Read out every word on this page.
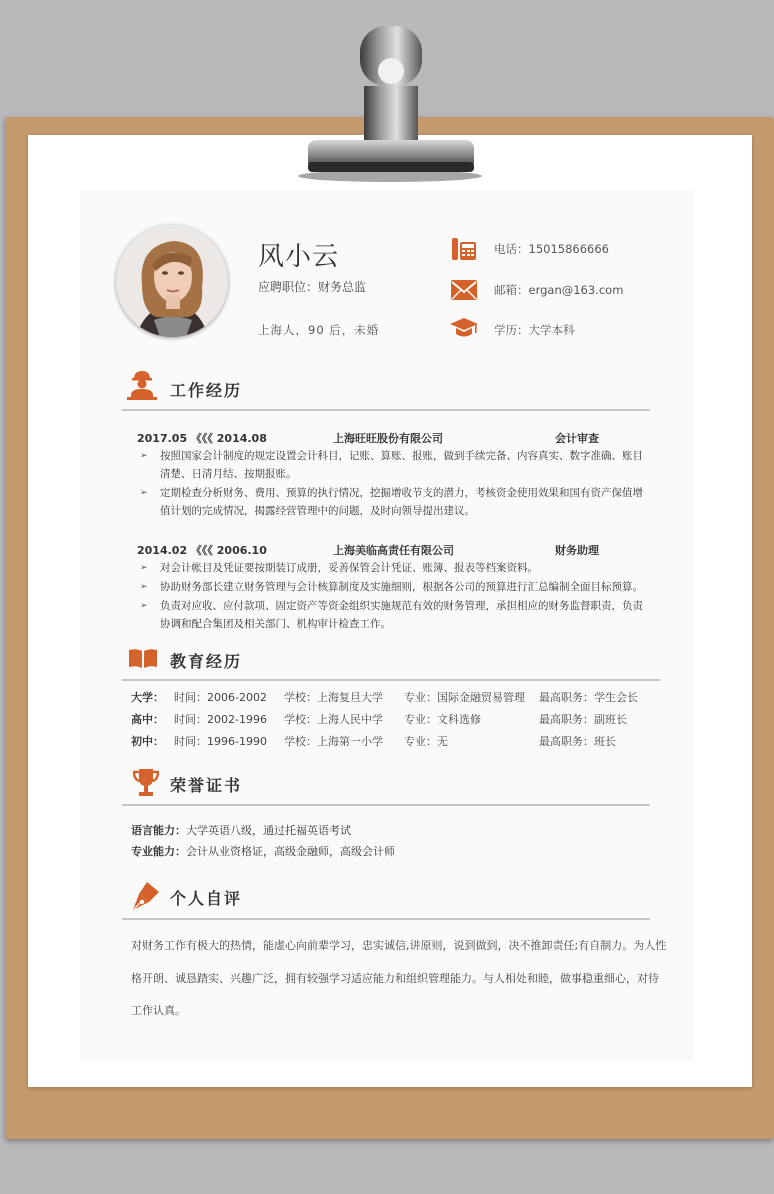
风小云
应聘职位：财务总监
上海人，90 后，未婚
电话：15015866666
邮箱：ergan@163.com
学历：大学本科
工作经历
2017.05 《《《 2014.08	上海旺旺股份有限公司	会计审查
➢ 按照国家会计制度的规定设置会计科目，记账、算账、报账，做到手续完备、内容真实、数字准确、账目
清楚、日清月结、按期报账。
➢ 定期检查分析财务、费用、预算的执行情况，挖掘增收节支的潜力，考核资金使用效果和国有资产保值增
值计划的完成情况，揭露经营管理中的问题，及时向领导提出建议。
2014.02 《《《 2006.10	上海美临高责任有限公司	财务助理
➢ 对会计帐目及凭证要按期装订成册，妥善保管会计凭证、账簿、报表等档案资料。
➢ 协助财务部长建立财务管理与会计核算制度及实施细则，根据各公司的预算进行汇总编制全面目标预算。
➢ 负责对应收、应付款项、固定资产等资金组织实施规范有效的财务管理，承担相应的财务监督职责，负责
协调和配合集团及相关部门、机构审计检查工作。
教育经历
大学： 时间：2006-2002 学校：上海复旦大学 专业：国际金融贸易管理 最高职务：学生会长
高中： 时间：2002-1996 学校：上海人民中学 专业：文科选修	最高职务：副班长
初中： 时间：1996-1990 学校：上海第一小学 专业：无	最高职务：班长
荣誉证书
语言能力：大学英语八级，通过托福英语考试
专业能力：会计从业资格证，高级金融师，高级会计师
个人自评
对财务工作有极大的热情，能虚心向前辈学习，忠实诚信,讲原则，说到做到，决不推卸责任;有自制力。为人性
格开朗、诚恳踏实、兴趣广泛，拥有较强学习适应能力和组织管理能力。与人相处和睦，做事稳重细心，对待
工作认真。
